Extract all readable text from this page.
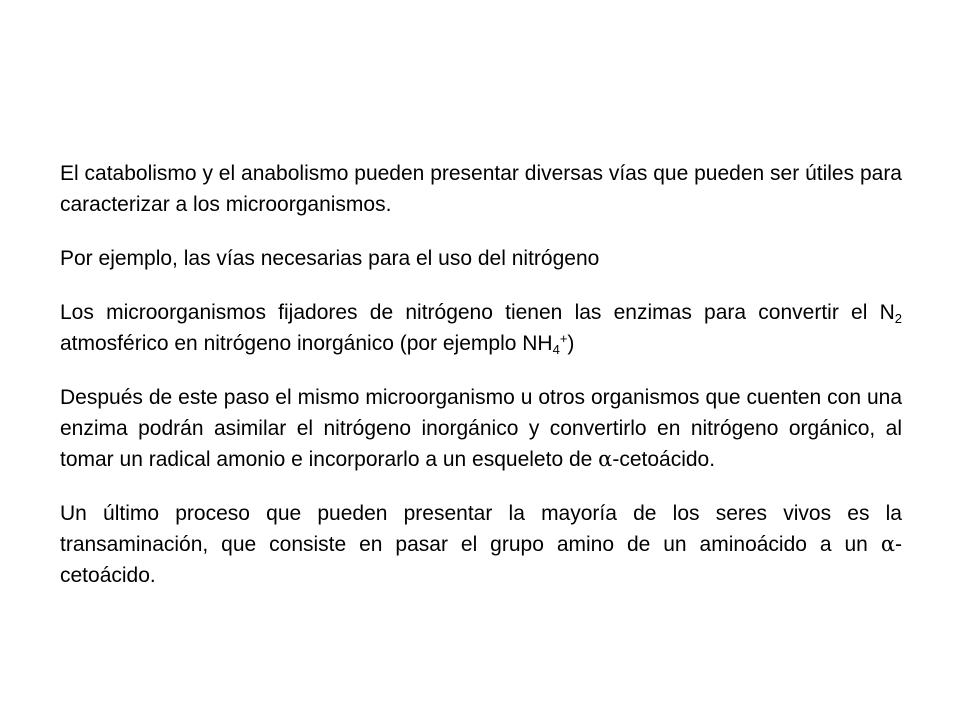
El catabolismo y el anabolismo pueden presentar diversas vías que pueden ser útiles para caracterizar a los microorganismos.

Por ejemplo, las vías necesarias para el uso del nitrógeno

Los microorganismos fijadores de nitrógeno tienen las enzimas para convertir el $N_2$ atmosférico en nitrógeno inorgánico (por ejemplo $NH_4^+$)

Después de este paso el mismo microorganismo u otros organismos que cuenten con una enzima podrán asimilar el nitrógeno inorgánico y convertirlo en nitrógeno orgánico, al tomar un radical amonio e incorporarlo a un esqueleto de α-cetoácido.

Un último proceso que pueden presentar la mayoría de los seres vivos es la transaminación, que consiste en pasar el grupo amino de un aminoácido a un α-cetoácido.
